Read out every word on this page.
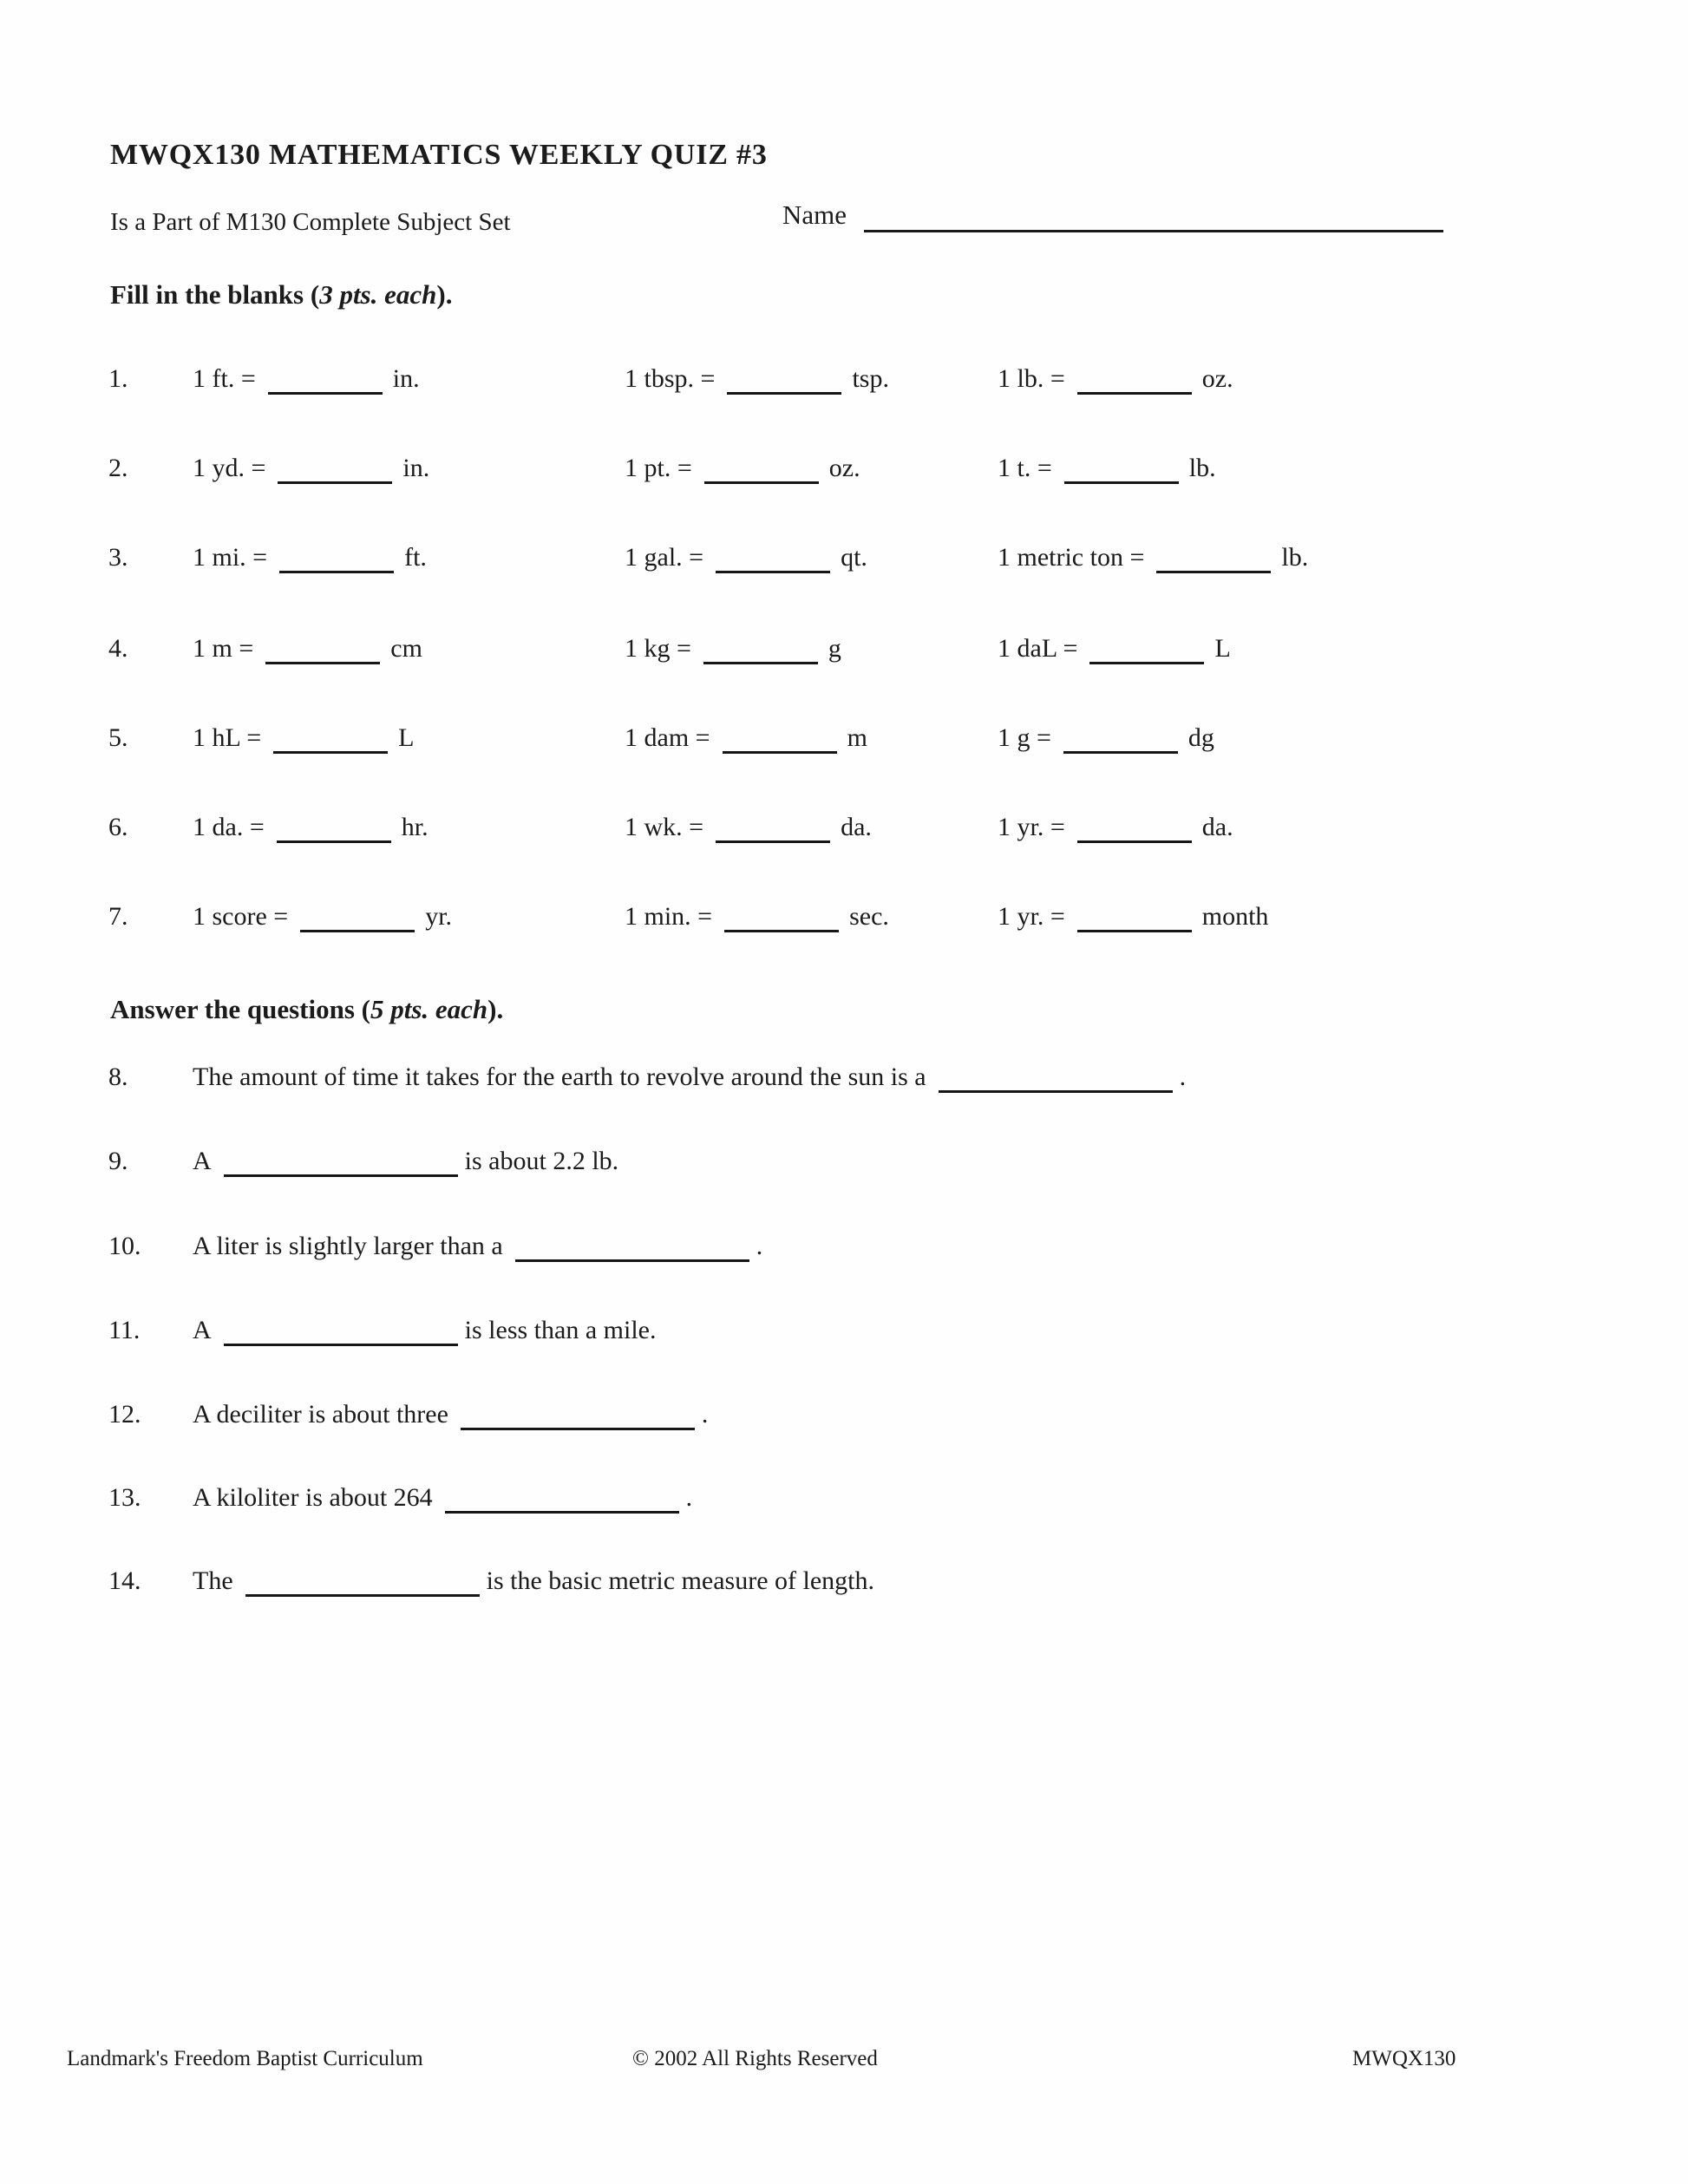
MWQX130 MATHEMATICS WEEKLY QUIZ #3
Is a Part of M130 Complete Subject Set	Name
Fill in the blanks (3 pts. each).
1. 1 ft. =	in.	1 tbsp. =	tsp.	1 lb. =	oz.
2. 1 yd. =	in.	1 pt. =	oz.	1 t. =	lb.
3. 1 mi. =	ft.	1 gal. =	qt.	1 metric ton =	lb.
4. 1 m =	cm	1 kg =	g	1 daL =	L
5. 1 hL =	L	1 dam =	m	1 g =	dg
6. 1 da. =	hr.	1 wk. =	da.	1 yr. =	da.
7. 1 score =	yr.	1 min. =	sec.	1 yr. =	month
Answer the questions (5 pts. each).
8. The amount of time it takes for the earth to revolve around the sun is a	.
9. A	is about 2.2 lb.
10. A liter is slightly larger than a	.
11. A	is less than a mile.
12. A deciliter is about three	.
13. A kiloliter is about 264	.
14. The	is the basic metric measure of length.
Landmark's Freedom Baptist Curriculum	© 2002 All Rights Reserved	MWQX130
